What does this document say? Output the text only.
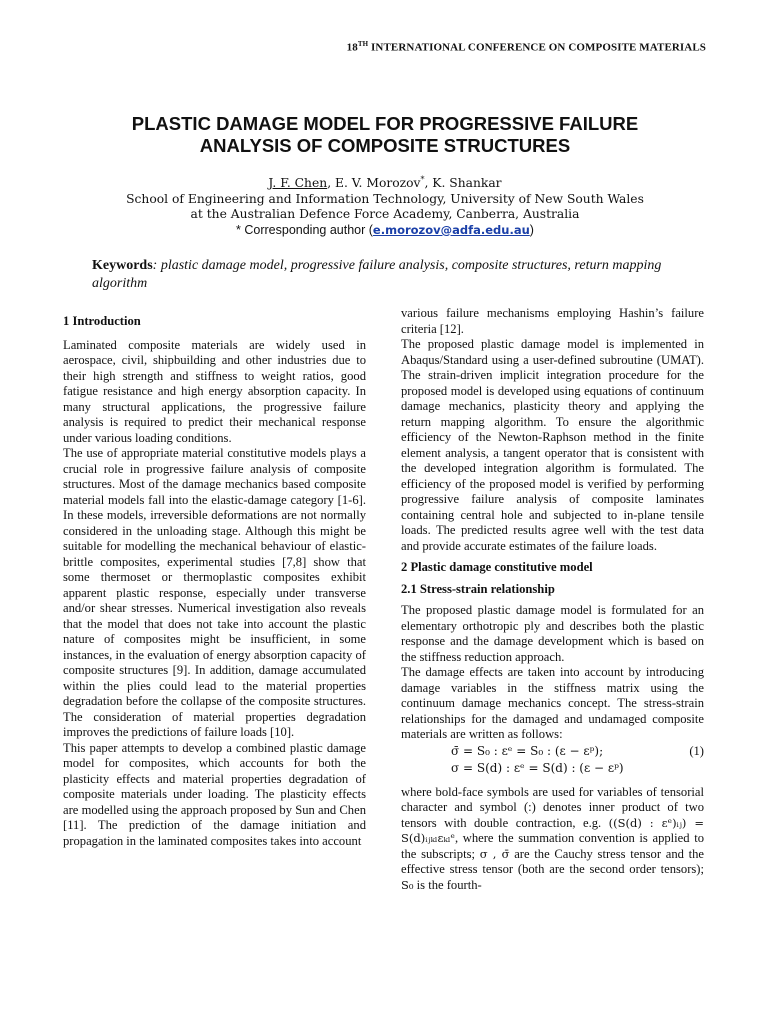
18TH INTERNATIONAL CONFERENCE ON COMPOSITE MATERIALS
PLASTIC DAMAGE MODEL FOR PROGRESSIVE FAILURE
ANALYSIS OF COMPOSITE STRUCTURES
J. F. Chen, E. V. Morozov*, K. Shankar
School of Engineering and Information Technology, University of New South Wales
at the Australian Defence Force Academy, Canberra, Australia
* Corresponding author (e.morozov@adfa.edu.au)
Keywords: plastic damage model, progressive failure analysis, composite structures, return mapping algorithm
1 Introduction

Laminated composite materials are widely used in aerospace, civil, shipbuilding and other industries due to their high strength and stiffness to weight ratios, good fatigue resistance and high energy absorption capacity. In many structural applications, the progressive failure analysis is required to predict their mechanical response under various loading conditions.

The use of appropriate material constitutive models plays a crucial role in progressive failure analysis of composite structures. Most of the damage mechanics based composite material models fall into the elastic-damage category [1-6]. In these models, irreversible deformations are not normally considered in the unloading stage. Although this might be suitable for modelling the mechanical behaviour of elastic-brittle composites, experimental studies [7,8] show that some thermoset or thermoplastic composites exhibit apparent plastic response, especially under transverse and/or shear stresses. Numerical investigation also reveals that the model that does not take into account the plastic nature of composites might be insufficient, in some instances, in the evaluation of energy absorption capacity of composite structures [9]. In addition, damage accumulated within the plies could lead to the material properties degradation before the collapse of the composite structures. The consideration of material properties degradation improves the predictions of failure loads [10].

This paper attempts to develop a combined plastic damage model for composites, which accounts for both the plasticity effects and material properties degradation of composite materials under loading. The plasticity effects are modelled using the approach proposed by Sun and Chen [11]. The prediction of the damage initiation and propagation in the laminated composites takes into account

various failure mechanisms employing Hashin’s failure criteria [12].

The proposed plastic damage model is implemented in Abaqus/Standard using a user-defined subroutine (UMAT). The strain-driven implicit integration procedure for the proposed model is developed using equations of continuum damage mechanics, plasticity theory and applying the return mapping algorithm. To ensure the algorithmic efficiency of the Newton-Raphson method in the finite element analysis, a tangent operator that is consistent with the developed integration algorithm is formulated. The efficiency of the proposed model is verified by performing progressive failure analysis of composite laminates containing central hole and subjected to in-plane tensile loads. The predicted results agree well with the test data and provide accurate estimates of the failure loads.

2 Plastic damage constitutive model
2.1 Stress-strain relationship

The proposed plastic damage model is formulated for an elementary orthotropic ply and describes both the plastic response and the damage development which is based on the stiffness reduction approach.

The damage effects are taken into account by introducing damage variables in the stiffness matrix using the continuum damage mechanics concept. The stress-strain relationships for the damaged and undamaged composite materials are written as follows:

σ̄ = S₀ : εᵉ = S₀ : (ε − εᵖ);
σ = S(d) : εᵉ = S(d) : (ε − εᵖ)
(1)

where bold-face symbols are used for variables of tensorial character and symbol (:) denotes inner product of two tensors with double contraction, e.g. ((S(d) : εᵉ)ᵢⱼ) = S(d)ᵢⱼₖₗεₖₗᵉ, where the summation convention is applied to the subscripts; σ , σ̄ are the Cauchy stress tensor and the effective stress tensor (both are the second order tensors); S₀ is the fourth-
